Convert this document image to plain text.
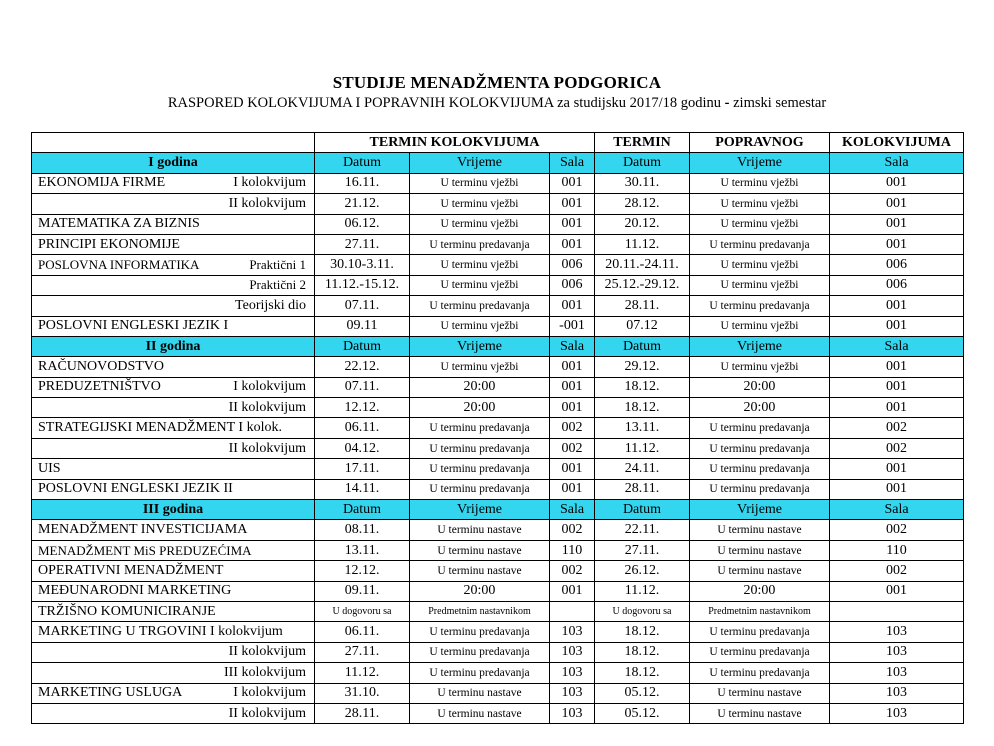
STUDIJE MENADŽMENTA PODGORICA
RASPORED KOLOKVIJUMA I POPRAVNIH KOLOKVIJUMA za studijsku 2017/18 godinu - zimski semestar
	TERMIN KOLOKVIJUMA			TERMIN	POPRAVNOG	KOLOKVIJUMA
I godina	Datum	Vrijeme	Sala	Datum	Vrijeme	Sala

EKONOMIJA FIRME I kolokvijum	16.11.	U terminu vježbi	001	30.11.	U terminu vježbi	001

II kolokvijum	21.12.	U terminu vježbi	001	28.12.	U terminu vježbi	001

MATEMATIKA ZA BIZNIS	06.12.	U terminu vježbi	001	20.12.	U terminu vježbi	001

PRINCIPI EKONOMIJE	27.11.	U terminu predavanja	001	11.12.	U terminu predavanja	001

POSLOVNA INFORMATIKA Praktični 1	30.10-3.11.	U terminu vježbi	006	20.11.-24.11.	U terminu vježbi	006

Praktični 2	11.12.-15.12.	U terminu vježbi	006	25.12.-29.12.	U terminu vježbi	006

Teorijski dio	07.11.	U terminu predavanja	001	28.11.	U terminu predavanja	001

POSLOVNI ENGLESKI JEZIK I	09.11	U terminu vježbi	-001	07.12	U terminu vježbi	001
II godina	Datum	Vrijeme	Sala	Datum	Vrijeme	Sala

RAČUNOVODSTVO	22.12.	U terminu vježbi	001	29.12.	U terminu vježbi	001

PREDUZETNIŠTVO I kolokvijum	07.11.	20:00	001	18.12.	20:00	001

II kolokvijum	12.12.	20:00	001	18.12.	20:00	001

STRATEGIJSKI MENADŽMENT I kolok.	06.11.	U terminu predavanja	002	13.11.	U terminu predavanja	002

II kolokvijum	04.12.	U terminu predavanja	002	11.12.	U terminu predavanja	002

UIS	17.11.	U terminu predavanja	001	24.11.	U terminu predavanja	001

POSLOVNI ENGLESKI JEZIK II	14.11.	U terminu predavanja	001	28.11.	U terminu predavanja	001
III godina	Datum	Vrijeme	Sala	Datum	Vrijeme	Sala

MENADŽMENT INVESTICIJAMA	08.11.	U terminu nastave	002	22.11.	U terminu nastave	002

MENADŽMENT MiS PREDUZEĆIMA	13.11.	U terminu nastave	110	27.11.	U terminu nastave	110

OPERATIVNI MENADŽMENT	12.12.	U terminu nastave	002	26.12.	U terminu nastave	002

MEĐUNARODNI MARKETING	09.11.	20:00	001	11.12.	20:00	001

TRŽIŠNO KOMUNICIRANJE	U dogovoru sa	Predmetnim nastavnikom		U dogovoru sa	Predmetnim nastavnikom	

MARKETING U TRGOVINI I kolokvijum	06.11.	U terminu predavanja	103	18.12.	U terminu predavanja	103

II kolokvijum	27.11.	U terminu predavanja	103	18.12.	U terminu predavanja	103

III kolokvijum	11.12.	U terminu predavanja	103	18.12.	U terminu predavanja	103

MARKETING USLUGA I kolokvijum	31.10.	U terminu nastave	103	05.12.	U terminu nastave	103

II kolokvijum	28.11.	U terminu nastave	103	05.12.	U terminu nastave	103
